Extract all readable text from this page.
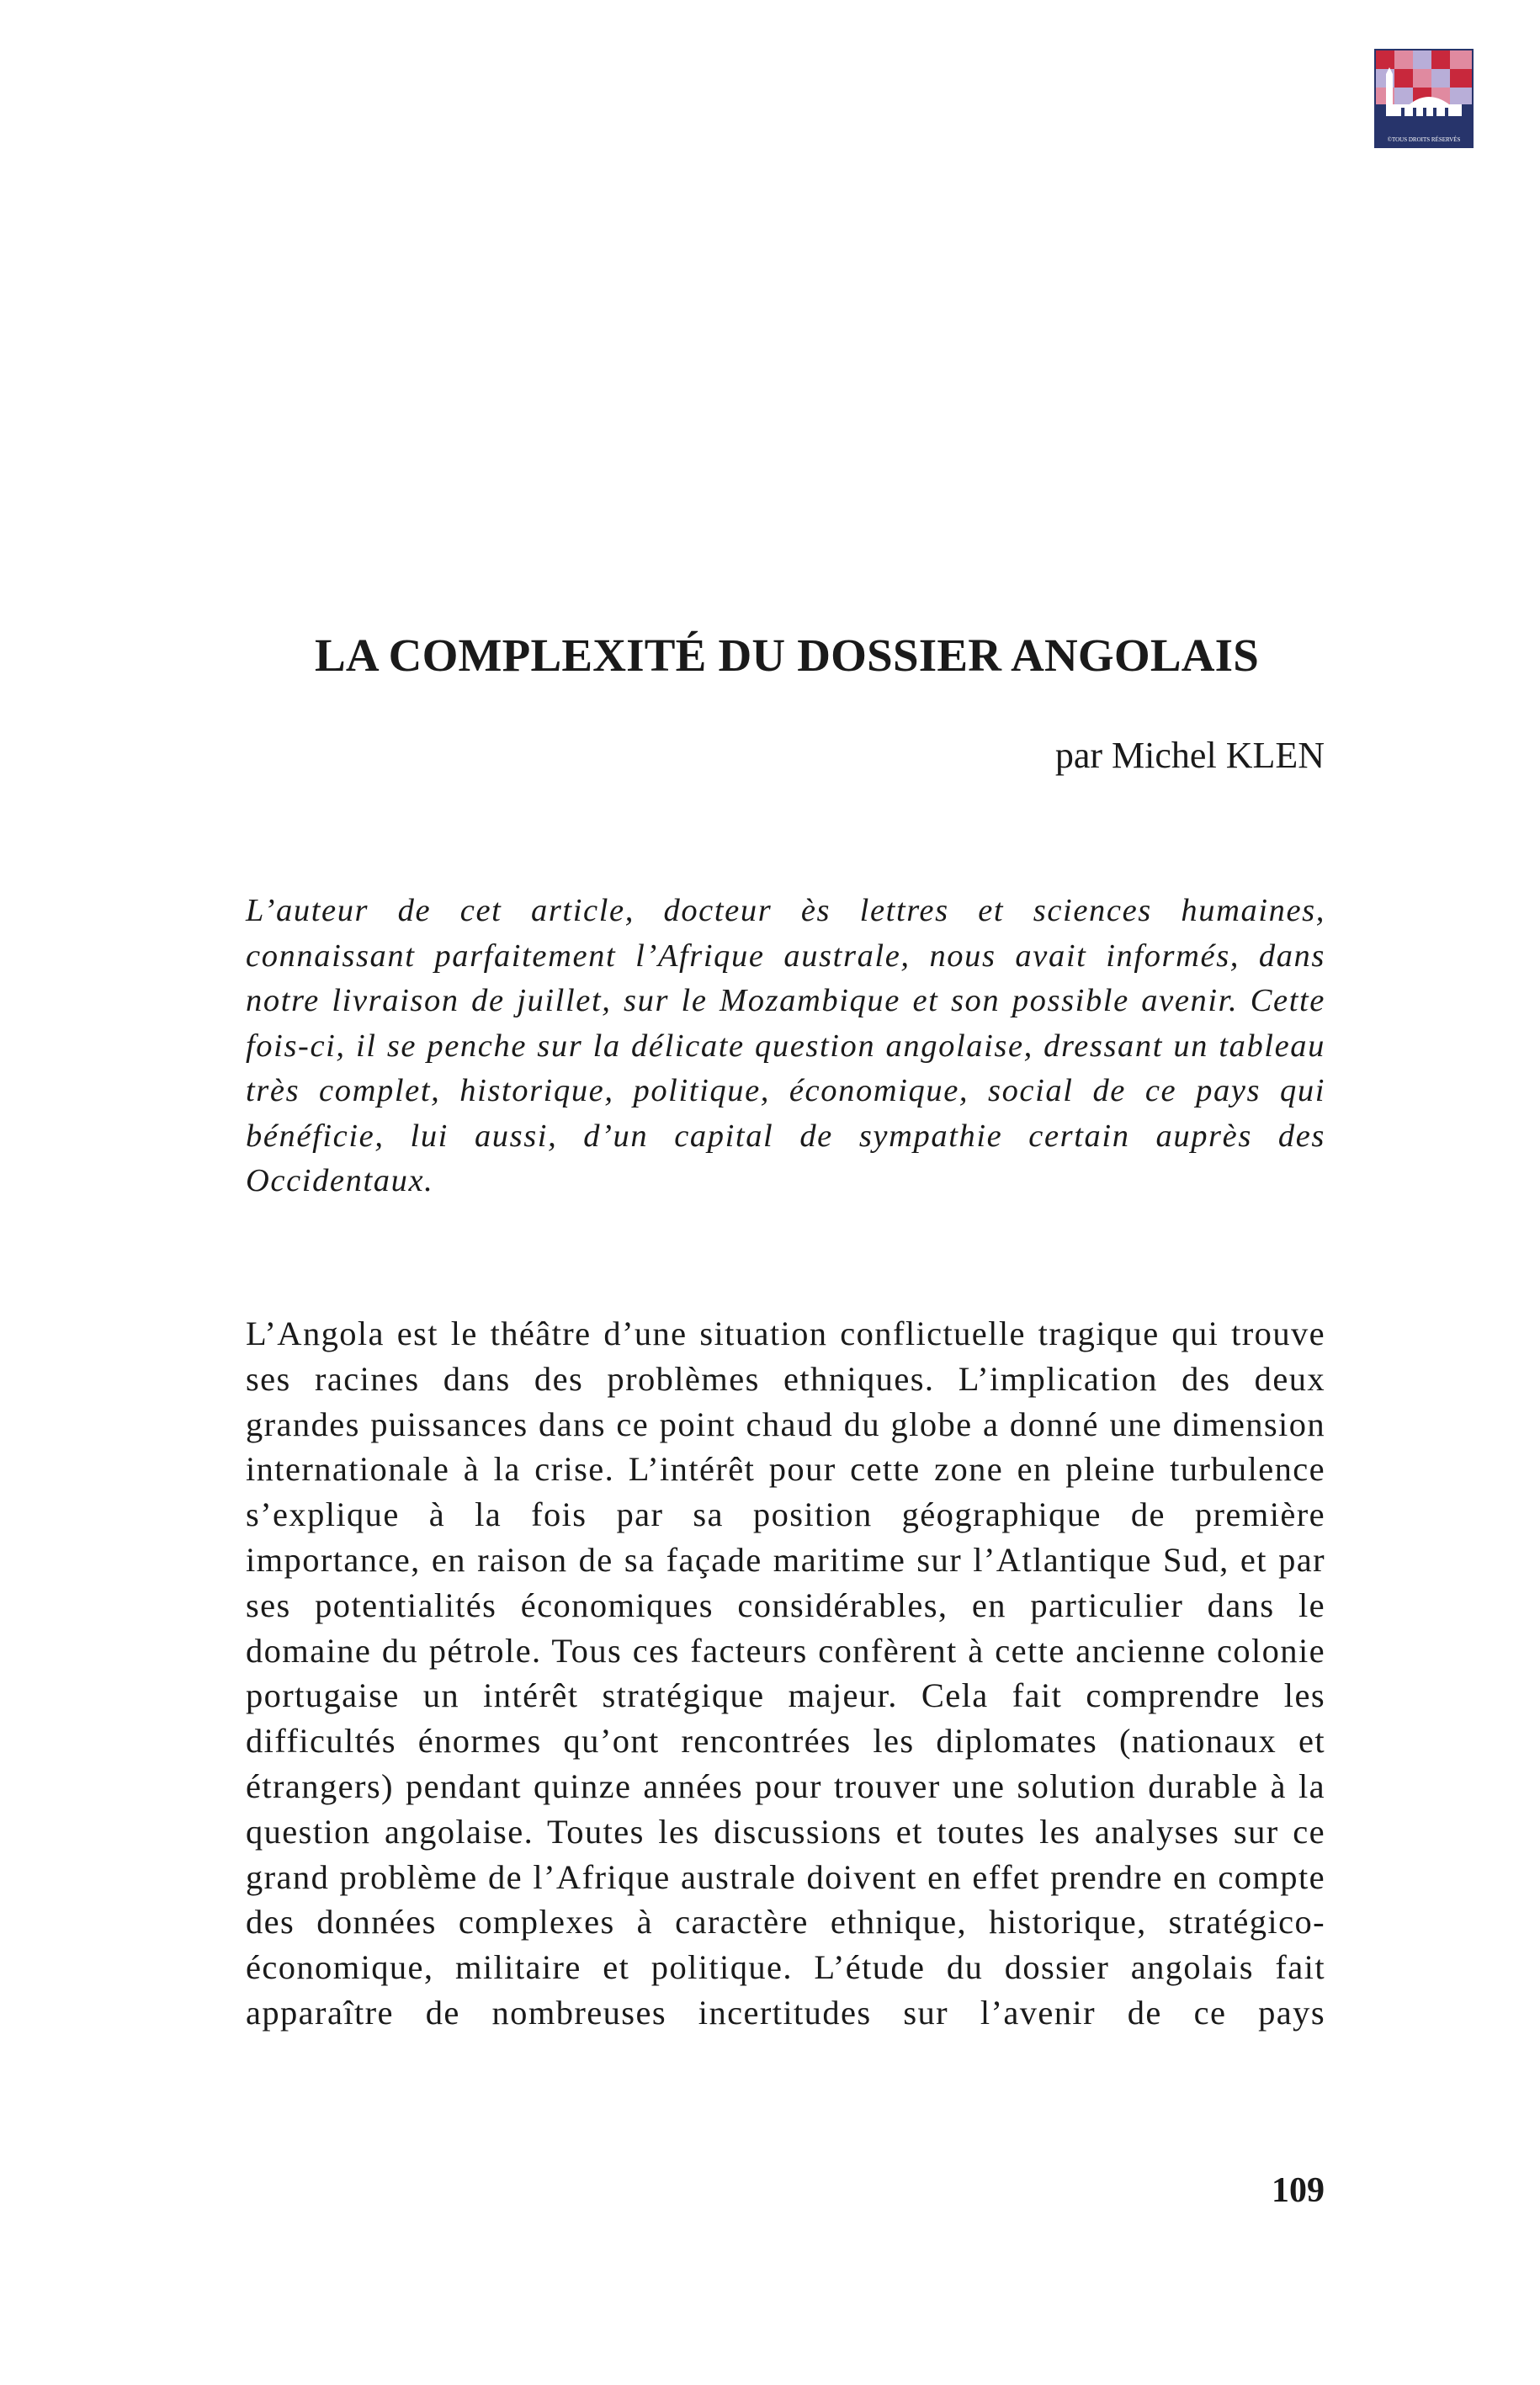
©TOUS DROITS RÉSERVÉS
LA COMPLEXITÉ DU DOSSIER ANGOLAIS

par Michel KLEN

L’auteur de cet article, docteur ès lettres et sciences humaines, connaissant parfaitement l’Afrique australe, nous avait informés, dans notre livraison de juillet, sur le Mozambique et son possible avenir. Cette fois-ci, il se penche sur la délicate question angolaise, dressant un tableau très complet, historique, politique, économique, social de ce pays qui bénéficie, lui aussi, d’un capital de sympathie certain auprès des Occidentaux.

L’Angola est le théâtre d’une situation conflictuelle tragique qui trouve ses racines dans des problèmes ethniques. L’implication des deux grandes puissances dans ce point chaud du globe a donné une dimension internationale à la crise. L’intérêt pour cette zone en pleine turbulence s’explique à la fois par sa position géographique de première importance, en raison de sa façade maritime sur l’Atlantique Sud, et par ses potentialités économiques considérables, en particulier dans le domaine du pétrole. Tous ces facteurs confèrent à cette ancienne colonie portugaise un intérêt stratégique majeur. Cela fait comprendre les difficultés énormes qu’ont rencontrées les diplomates (nationaux et étrangers) pendant quinze années pour trouver une solution durable à la question angolaise. Toutes les discussions et toutes les analyses sur ce grand problème de l’Afrique australe doivent en effet prendre en compte des données complexes à caractère ethnique, historique, stratégico-économique, militaire et politique. L’étude du dossier angolais fait apparaître de nombreuses incertitudes sur l’avenir de ce pays

109
